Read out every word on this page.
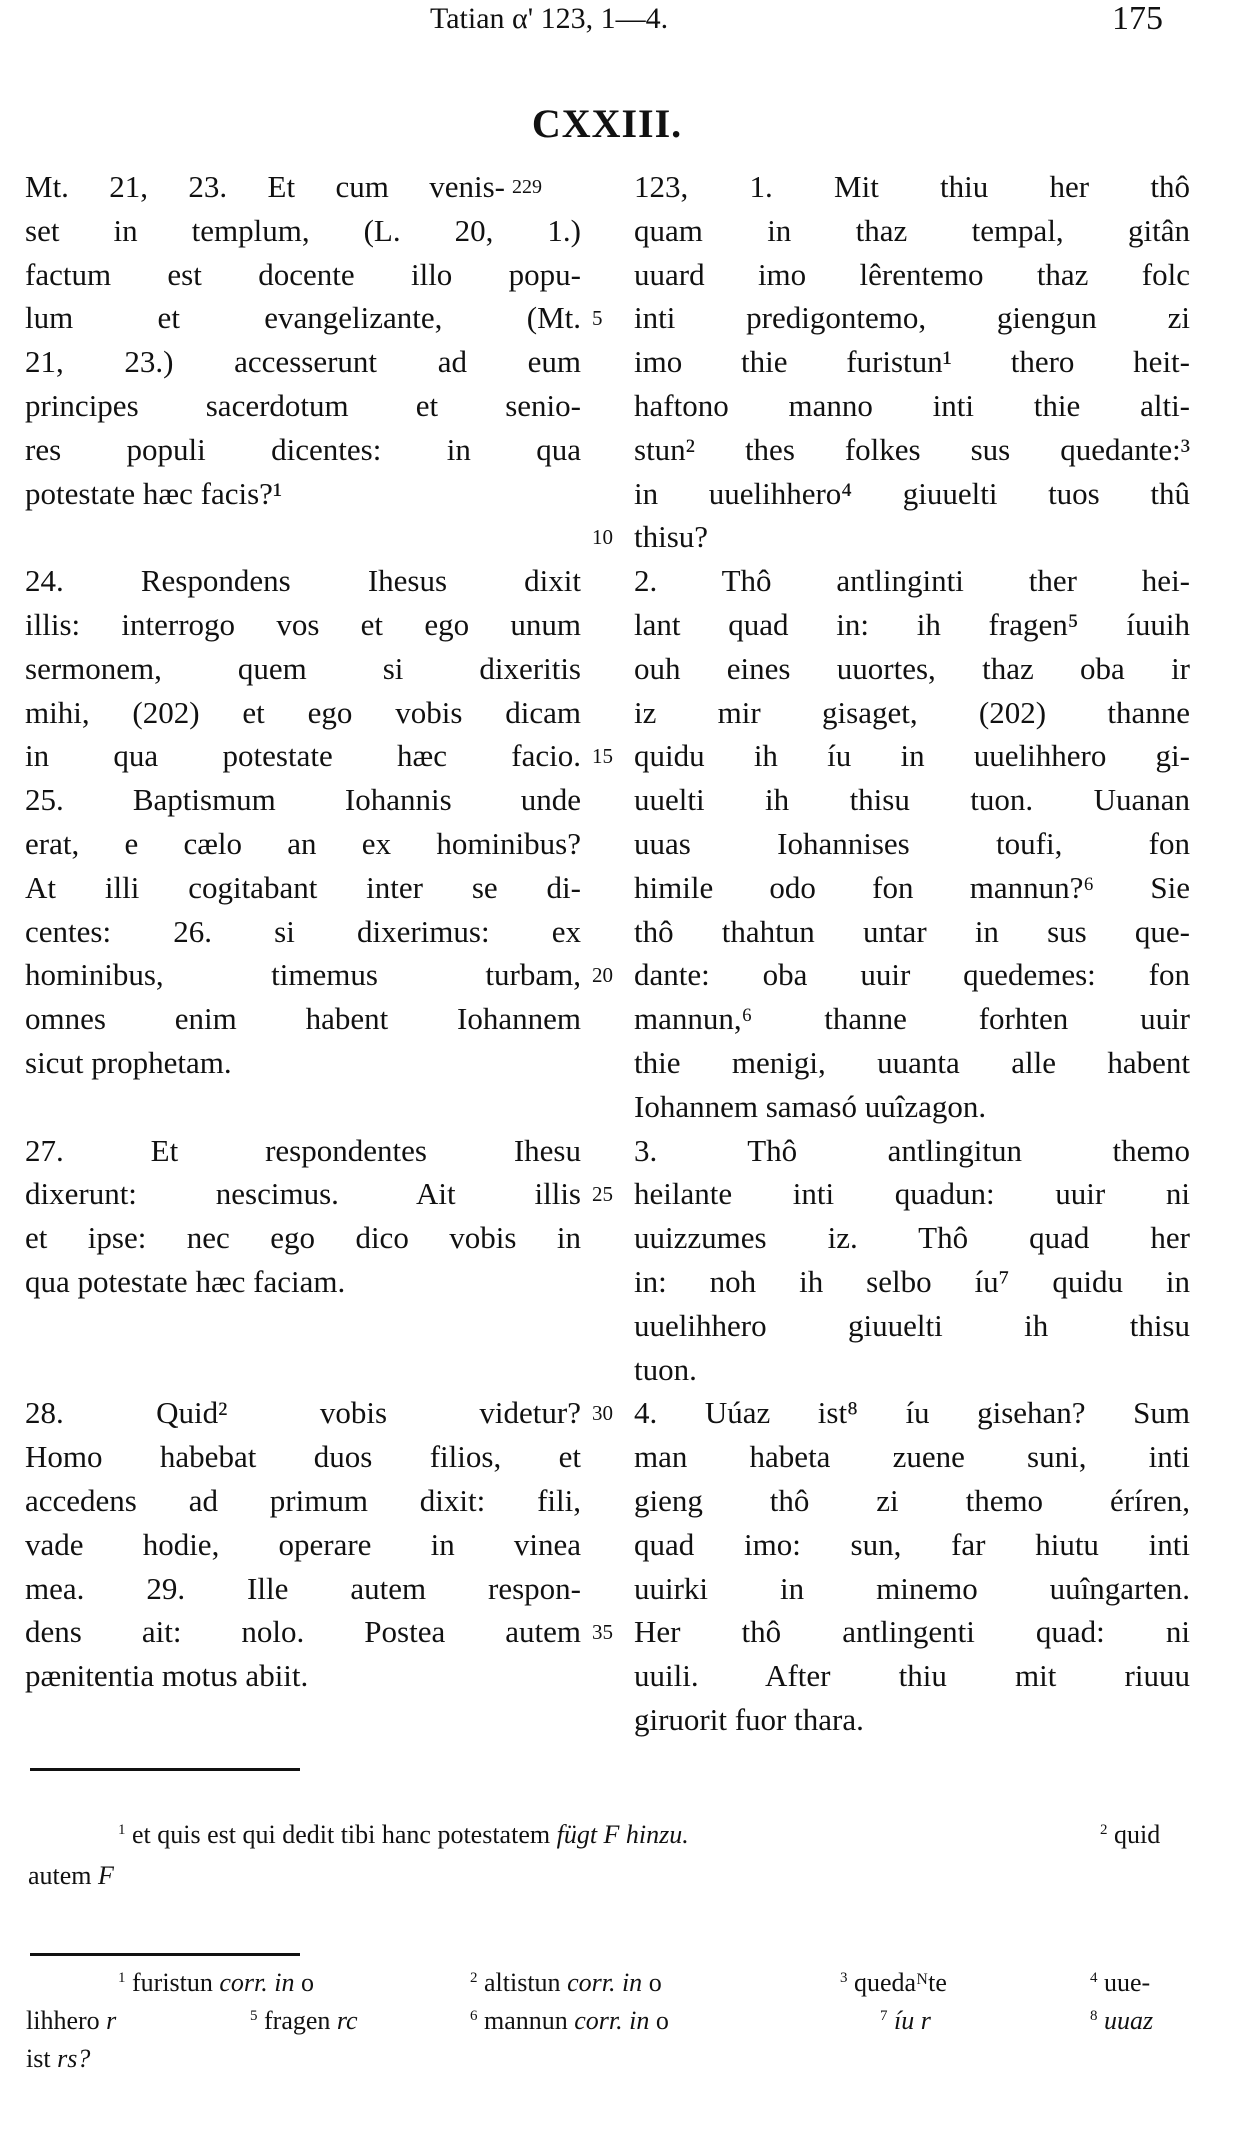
Tatian α' 123, 1—4.	175
CXXIII.
Mt. 21, 23. Et cum venis-
set in templum, (L. 20, 1.)
factum est docente illo popu-
lum et evangelizante, (Mt.
21, 23.) accesserunt ad eum
principes sacerdotum et senio-
res populi dicentes: in qua
potestate hæc facis?¹
24. Respondens Ihesus dixit
illis: interrogo vos et ego unum
sermonem, quem si dixeritis
mihi, (202) et ego vobis dicam
in qua potestate hæc facio.
25. Baptismum Iohannis unde
erat, e cælo an ex hominibus?
At illi cogitabant inter se di-
centes: 26. si dixerimus: ex
hominibus, timemus turbam,
omnes enim habent Iohannem
sicut prophetam.
27. Et respondentes Ihesu
dixerunt: nescimus. Ait illis
et ipse: nec ego dico vobis in
qua potestate hæc faciam.
28. Quid² vobis videtur?
Homo habebat duos filios, et
accedens ad primum dixit: fili,
vade hodie, operare in vinea
mea. 29. Ille autem respon-
dens ait: nolo. Postea autem
pænitentia motus abiit.
123, 1. Mit thiu her thô
quam in thaz tempal, gitân
uuard imo lêrentemo thaz folc
inti predigontemo, giengun zi
imo thie furistun¹ thero heit-
haftono manno inti thie alti-
stun² thes folkes sus quedante:³
in uuelihhero⁴ giuuelti tuos thû
thisu?
2. Thô antlinginti ther hei-
lant quad in: ih fragen⁵ íuuih
ouh eines uuortes, thaz oba ir
iz mir gisaget, (202) thanne
quidu ih íu in uuelihhero gi-
uuelti ih thisu tuon. Uuanan
uuas Iohannises toufi, fon
himile odo fon mannun?⁶ Sie
thô thahtun untar in sus que-
dante: oba uuir quedemes: fon
mannun,⁶ thanne forhten uuir
thie menigi, uuanta alle habent
Iohannem samasó uuîzagon.
3. Thô antlingitun themo
heilante inti quadun: uuir ni
uuizzumes iz. Thô quad her
in: noh ih selbo íu⁷ quidu in
uuelihhero giuuelti ih thisu
tuon.
4. Uúaz ist⁸ íu gisehan? Sum
man habeta zuene suni, inti
gieng thô zi themo éríren,
quad imo: sun, far hiutu inti
uuirki in minemo uuîngarten.
Her thô antlingenti quad: ni
uuili. After thiu mit riuuu
giruorit fuor thara.
5
10
15
20
25
30
35
229
$^1$ et quis est qui dedit tibi hanc potestatem fügt F hinzu.	$^2$ quid
autem F
$^1$ furistun corr. in o	$^2$ altistun corr. in o	$^3$ quedaᴺte	$^4$ uue-
lihhero r	$^5$ fragen rc	$^6$ mannun corr. in o	$^7$ íu r	$^8$ uuaz
ist rs?
